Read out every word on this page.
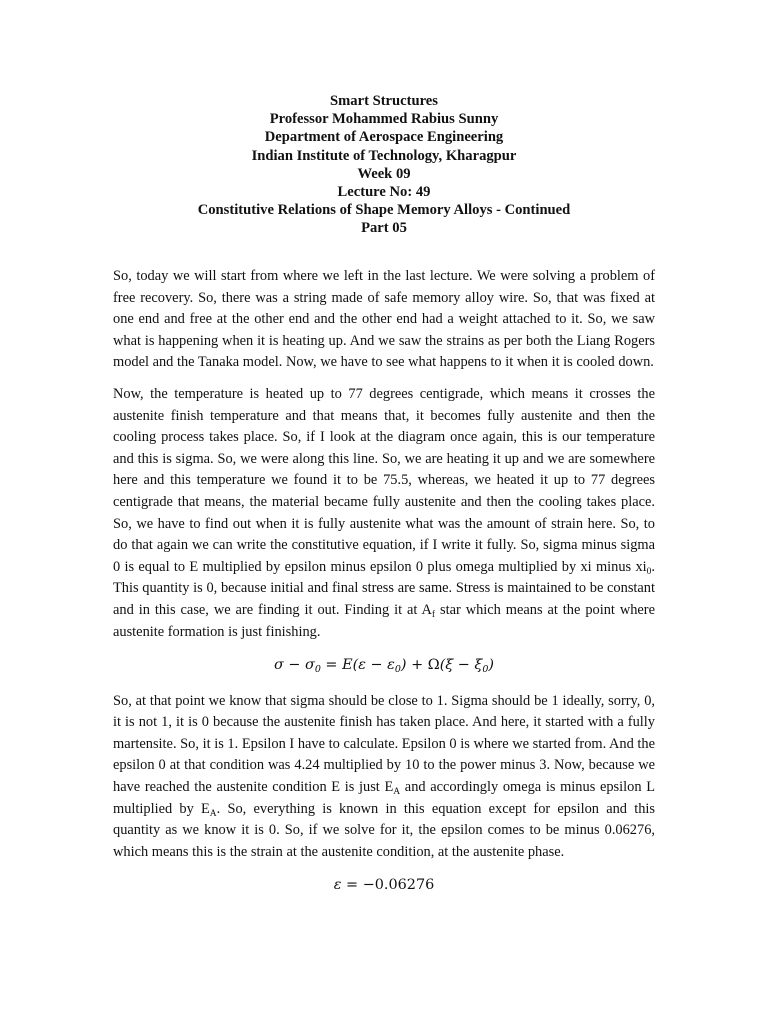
Smart Structures
Professor Mohammed Rabius Sunny
Department of Aerospace Engineering
Indian Institute of Technology, Kharagpur
Week 09
Lecture No: 49
Constitutive Relations of Shape Memory Alloys - Continued
Part 05

So, today we will start from where we left in the last lecture. We were solving a problem of free recovery. So, there was a string made of safe memory alloy wire. So, that was fixed at one end and free at the other end and the other end had a weight attached to it. So, we saw what is happening when it is heating up. And we saw the strains as per both the Liang Rogers model and the Tanaka model. Now, we have to see what happens to it when it is cooled down.

Now, the temperature is heated up to 77 degrees centigrade, which means it crosses the austenite finish temperature and that means that, it becomes fully austenite and then the cooling process takes place. So, if I look at the diagram once again, this is our temperature and this is sigma. So, we were along this line. So, we are heating it up and we are somewhere here and this temperature we found it to be 75.5, whereas, we heated it up to 77 degrees centigrade that means, the material became fully austenite and then the cooling takes place. So, we have to find out when it is fully austenite what was the amount of strain here. So, to do that again we can write the constitutive equation, if I write it fully. So, sigma minus sigma 0 is equal to E multiplied by epsilon minus epsilon 0 plus omega multiplied by xi minus $xi_0$. This quantity is 0, because initial and final stress are same. Stress is maintained to be constant and in this case, we are finding it out. Finding it at $A_f$ star which means at the point where austenite formation is just finishing.

$\sigma - \sigma_0 = E(\varepsilon - \varepsilon_0) + \Omega(\xi - \xi_0)$

So, at that point we know that sigma should be close to 1. Sigma should be 1 ideally, sorry, 0, it is not 1, it is 0 because the austenite finish has taken place. And here, it started with a fully martensite. So, it is 1. Epsilon I have to calculate. Epsilon 0 is where we started from. And the epsilon 0 at that condition was 4.24 multiplied by 10 to the power minus 3. Now, because we have reached the austenite condition E is just $E_A$ and accordingly omega is minus epsilon L multiplied by $E_A$. So, everything is known in this equation except for epsilon and this quantity as we know it is 0. So, if we solve for it, the epsilon comes to be minus 0.06276, which means this is the strain at the austenite condition, at the austenite phase.

ε = −0.06276
